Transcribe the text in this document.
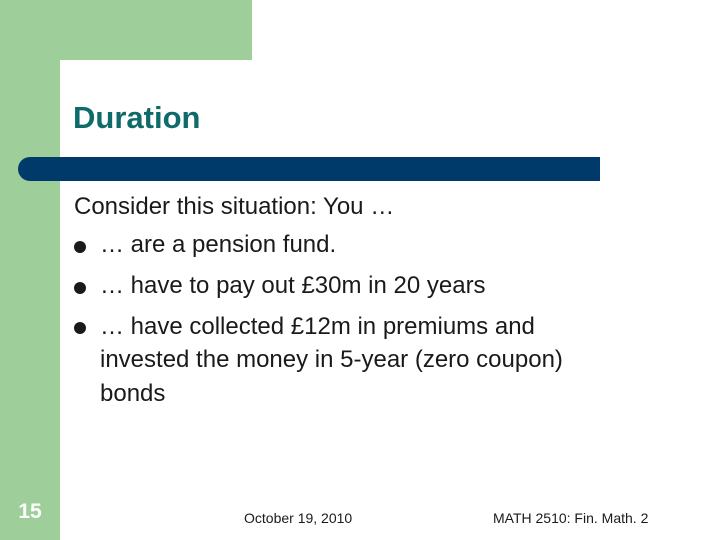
Duration
Consider this situation: You …
… are a pension fund.
… have to pay out £30m in 20 years
… have collected £12m in premiums and
invested the money in 5-year (zero coupon)
bonds
15	October 19, 2010	MATH 2510: Fin. Math. 2
